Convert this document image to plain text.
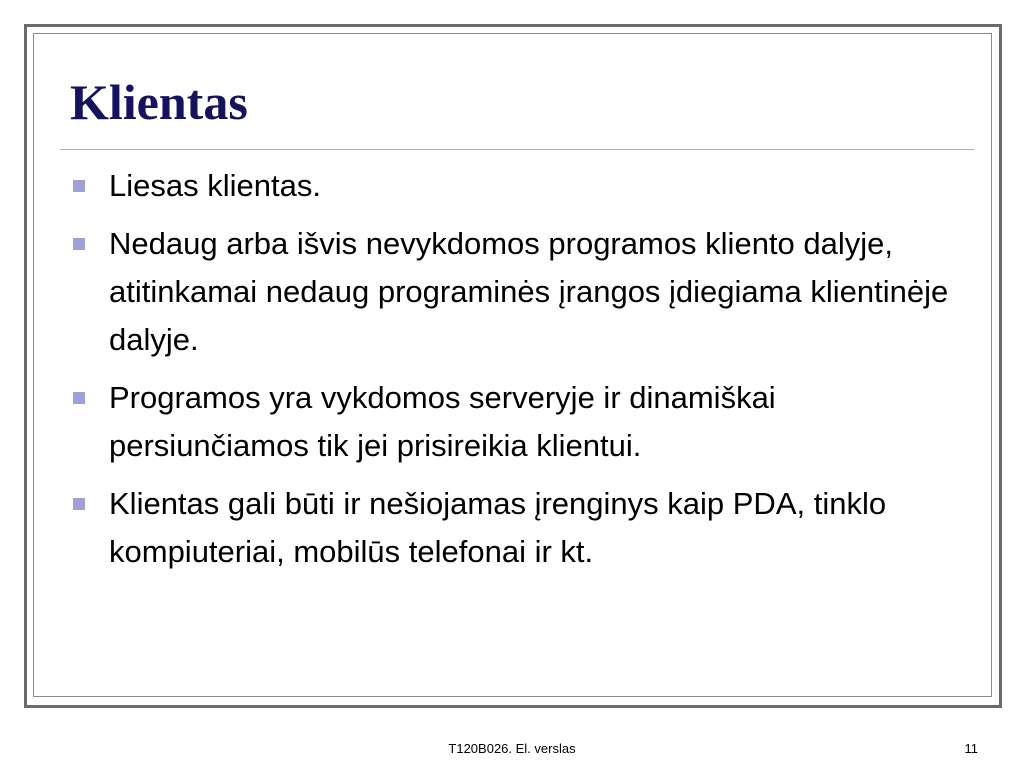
Klientas
Liesas klientas.
Nedaug arba išvis nevykdomos programos kliento dalyje, atitinkamai nedaug programinės įrangos įdiegiama klientinėje dalyje.
Programos yra vykdomos serveryje ir dinamiškai persiunčiamos tik jei prisireikia klientui.
Klientas gali būti ir nešiojamas įrenginys kaip PDA, tinklo kompiuteriai, mobilūs telefonai ir kt.
T120B026. El. verslas	11
